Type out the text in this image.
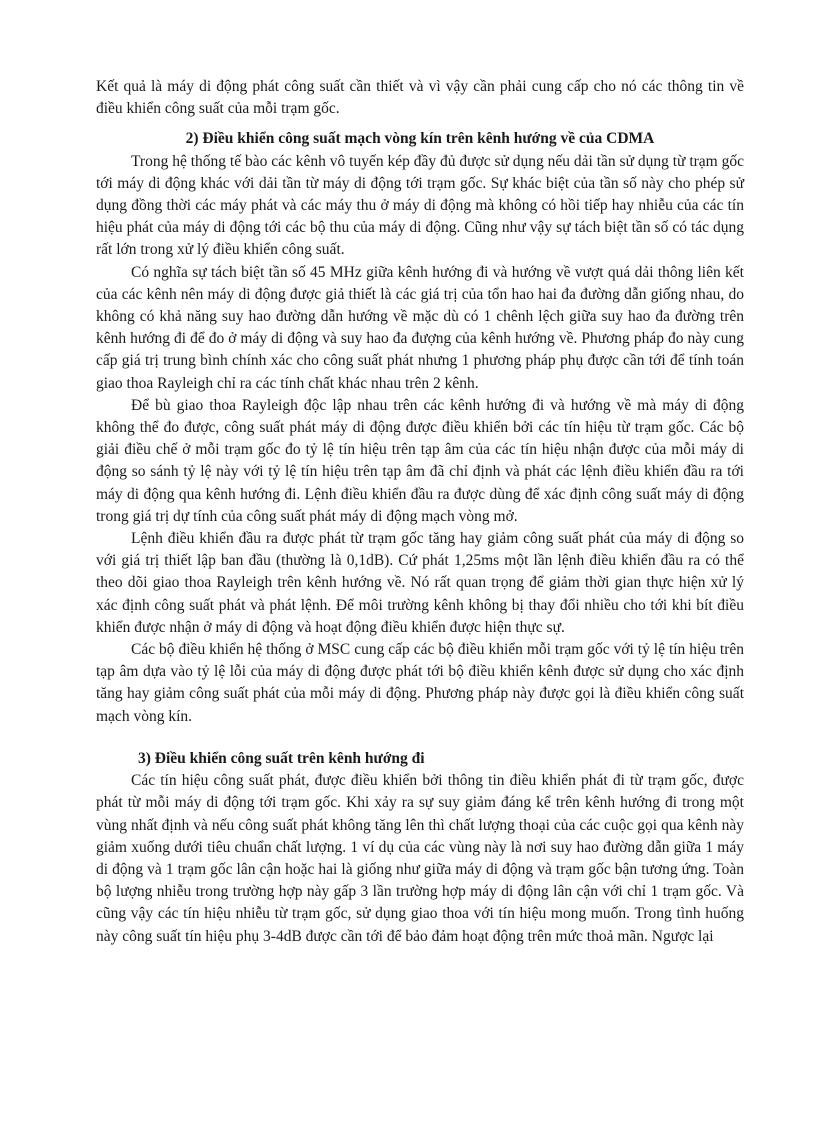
Kết quả là máy di động phát công suất cần thiết và vì vậy cần phải cung cấp cho nó các thông tin về điều khiển công suất của mỗi trạm gốc.

2) Điều khiển công suất mạch vòng kín trên kênh hướng về của CDMA

Trong hệ thống tế bào các kênh vô tuyến kép đầy đủ được sử dụng nếu dải tần sử dụng từ trạm gốc tới máy di động khác với dải tần từ máy di động tới trạm gốc. Sự khác biệt của tần số này cho phép sử dụng đồng thời các máy phát và các máy thu ở máy di động mà không có hồi tiếp hay nhiễu của các tín hiệu phát của máy di động tới các bộ thu của máy di động. Cũng như vậy sự tách biệt tần số có tác dụng rất lớn trong xử lý điều khiển công suất.

Có nghĩa sự tách biệt tần số 45 MHz giữa kênh hướng đi và hướng về vượt quá dải thông liên kết của các kênh nên máy di động được giả thiết là các giá trị của tổn hao hai đa đường dẫn giống nhau, do không có khả năng suy hao đường dẫn hướng về mặc dù có 1 chênh lệch giữa suy hao đa đường trên kênh hướng đi để đo ở máy di động và suy hao đa đượng của kênh hướng về. Phương pháp đo này cung cấp giá trị trung bình chính xác cho công suất phát nhưng 1 phương pháp phụ được cần tới để tính toán giao thoa Rayleigh chỉ ra các tính chất khác nhau trên 2 kênh.

Để bù giao thoa Rayleigh độc lập nhau trên các kênh hướng đi và hướng về mà máy di động không thể đo được, công suất phát máy di động được điều khiển bởi các tín hiệu từ trạm gốc. Các bộ giải điều chế ở mỗi trạm gốc đo tỷ lệ tín hiệu trên tạp âm của các tín hiệu nhận được của mỗi máy di động so sánh tỷ lệ này với tỷ lệ tín hiệu trên tạp âm đã chỉ định và phát các lệnh điều khiển đầu ra tới máy di động qua kênh hướng đi. Lệnh điều khiển đầu ra được dùng để xác định công suất máy di động trong giá trị dự tính của công suất phát máy di động mạch vòng mở.

Lệnh điều khiển đầu ra được phát từ trạm gốc tăng hay giảm công suất phát của máy di động so với giá trị thiết lập ban đầu (thường là 0,1dB). Cứ phát 1,25ms một lần lệnh điều khiển đầu ra có thể theo dõi giao thoa Rayleigh trên kênh hướng về. Nó rất quan trọng để giảm thời gian thực hiện xử lý xác định công suất phát và phát lệnh. Để môi trường kênh không bị thay đổi nhiều cho tới khi bít điều khiển được nhận ở máy di động và hoạt động điều khiển được hiện thực sự.

Các bộ điều khiển hệ thống ở MSC cung cấp các bộ điều khiển mỗi trạm gốc với tỷ lệ tín hiệu trên tạp âm dựa vào tỷ lệ lỗi của máy di động được phát tới bộ điều khiển kênh được sử dụng cho xác định tăng hay giảm công suất phát của mỗi máy di động. Phương pháp này được gọi là điều khiển công suất mạch vòng kín.

3) Điều khiển công suất trên kênh hướng đi

Các tín hiệu công suất phát, được điều khiển bởi thông tin điều khiển phát đi từ trạm gốc, được phát từ mỗi máy di động tới trạm gốc. Khi xảy ra sự suy giảm đáng kể trên kênh hướng đi trong một vùng nhất định và nếu công suất phát không tăng lên thì chất lượng thoại của các cuộc gọi qua kênh này giảm xuống dưới tiêu chuẩn chất lượng. 1 ví dụ của các vùng này là nơi suy hao đường dẫn giữa 1 máy di động và 1 trạm gốc lân cận hoặc hai là giống như giữa máy di động và trạm gốc bận tương ứng. Toàn bộ lượng nhiễu trong trường hợp này gấp 3 lần trường hợp máy di động lân cận với chỉ 1 trạm gốc. Và cũng vậy các tín hiệu nhiễu từ trạm gốc, sử dụng giao thoa với tín hiệu mong muốn. Trong tình huống này công suất tín hiệu phụ 3-4dB được cần tới để bảo đảm hoạt động trên mức thoả mãn. Ngược lại
